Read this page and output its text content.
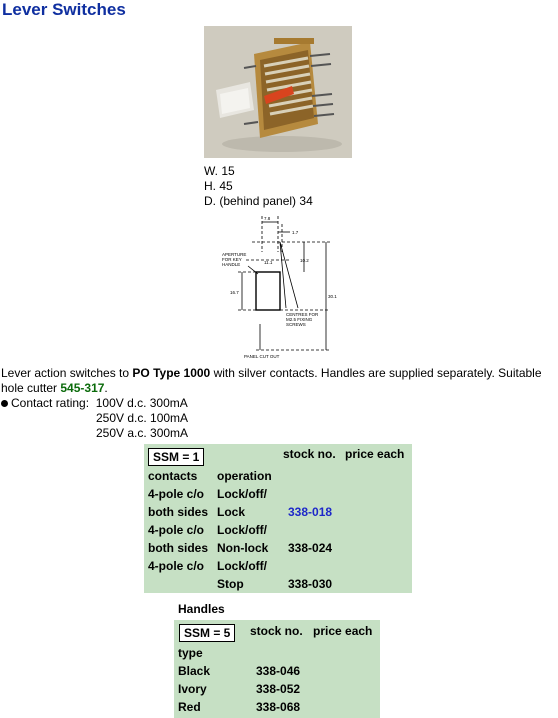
Lever Switches
W. 15
H. 45
D. (behind panel) 34
7.8
1.7
11.1	10.2
16.7
30.1
APERTURE
FOR KEY
HANDLE
CENTRES FOR
M2.5 FIXING
SCREWS
PANEL CUT OUT
Lever action switches to PO Type 1000 with silver contacts. Handles are supplied separately. Suitable hole cutter 545-317.
Contact rating: 100V d.c. 300mA
250V d.c. 100mA
250V a.c. 300mA
SSM = 1	stock no. price each
contacts operation
4-pole c/o Lock/off/
both sides Lock	338-018
4-pole c/o Lock/off/
both sides Non-lock 338-024
4-pole c/o Lock/off/
Stop	338-030
Handles
SSM = 5	stock no. price each
type
Black	338-046
Ivory	338-052
Red	338-068
